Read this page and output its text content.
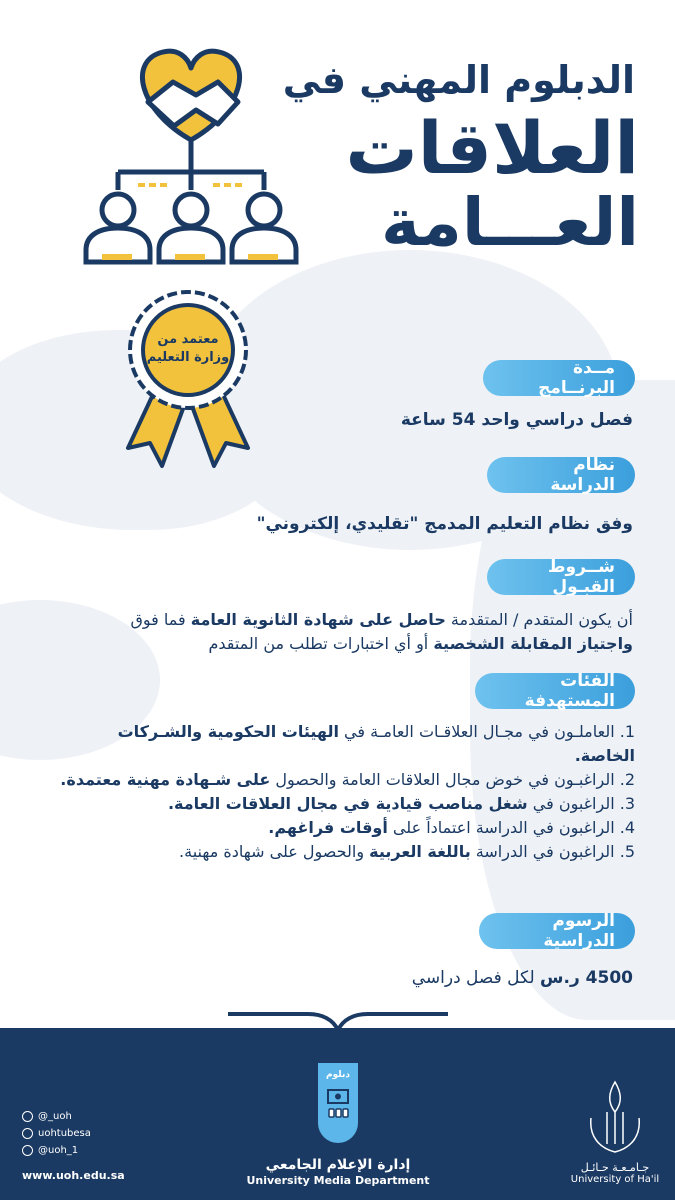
الدبلوم المهني في
العلاقات
العـــامة
معتمد من
وزارة التعليم
مــدة البرنــامج
فصل دراسي واحد 54 ساعة
نظام الدراسة
وفق نظام التعليم المدمج "تقليدي، إلكتروني"
شــروط القبـول
أن يكون المتقدم / المتقدمة حاصل على شهادة الثانوية العامة فما فوق
واجتياز المقابلة الشخصية أو أي اختبارات تطلب من المتقدم
الفئات المستهدفة
1. العاملـون في مجـال العلاقـات العامـة في الهيئات الحكومية والشـركات الخاصة.
2. الراغبـون في خوض مجال العلاقات العامة والحصول على شـهادة مهنية معتمدة.
3. الراغبون في شغل مناصب قيادية في مجال العلاقات العامة.
4. الراغبون في الدراسة اعتماداً على أوقات فراغهم.
5. الراغبون في الدراسة باللغة العربية والحصول على شهادة مهنية.
الرسوم الدراسية
4500 ر.س لكل فصل دراسي
دبلوم
@_uoh
uohtubesa
@uoh_1
www.uoh.edu.sa
إدارة الإعلام الجامعي
University Media Department
جـامـعـة حـائـل
University of Ha'il
